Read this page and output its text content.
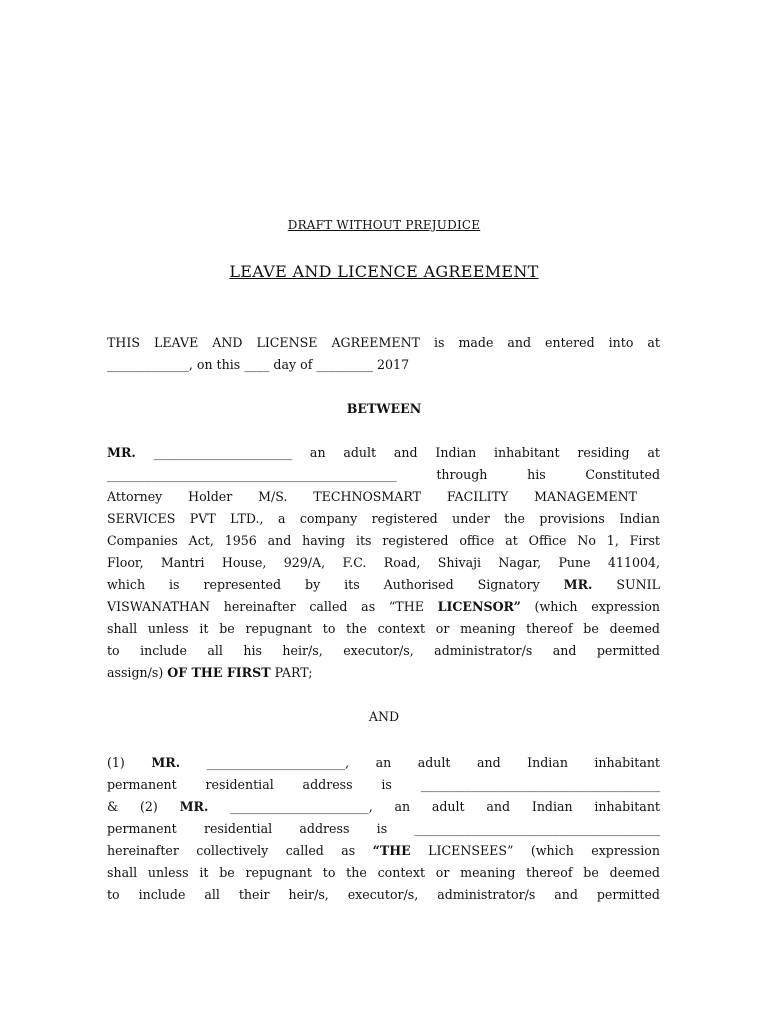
DRAFT WITHOUT PREJUDICE
LEAVE AND LICENCE AGREEMENT
THIS LEAVE AND LICENSE AGREEMENT is made and entered into at
_____________, on this ____ day of _________ 2017
BETWEEN
MR. ______________________ an adult and Indian inhabitant residing at
______________________________________________ through his Constituted
Attorney Holder M/S. TECHNOSMART FACILITY MANAGEMENT
SERVICES PVT LTD., a company registered under the provisions Indian
Companies Act, 1956 and having its registered office at Office No 1, First
Floor, Mantri House, 929/A, F.C. Road, Shivaji Nagar, Pune 411004,
which is represented by its Authorised Signatory MR. SUNIL
VISWANATHAN hereinafter called as “THE LICENSOR” (which expression
shall unless it be repugnant to the context or meaning thereof be deemed
to include all his heir/s, executor/s, administrator/s and permitted
assign/s) OF THE FIRST PART;
AND
(1) MR. ______________________, an adult and Indian inhabitant
permanent residential address is ______________________________________
& (2) MR. ______________________, an adult and Indian inhabitant
permanent residential address is _______________________________________
hereinafter collectively called as “THE LICENSEES” (which expression
shall unless it be repugnant to the context or meaning thereof be deemed
to include all their heir/s, executor/s, administrator/s and permitted
